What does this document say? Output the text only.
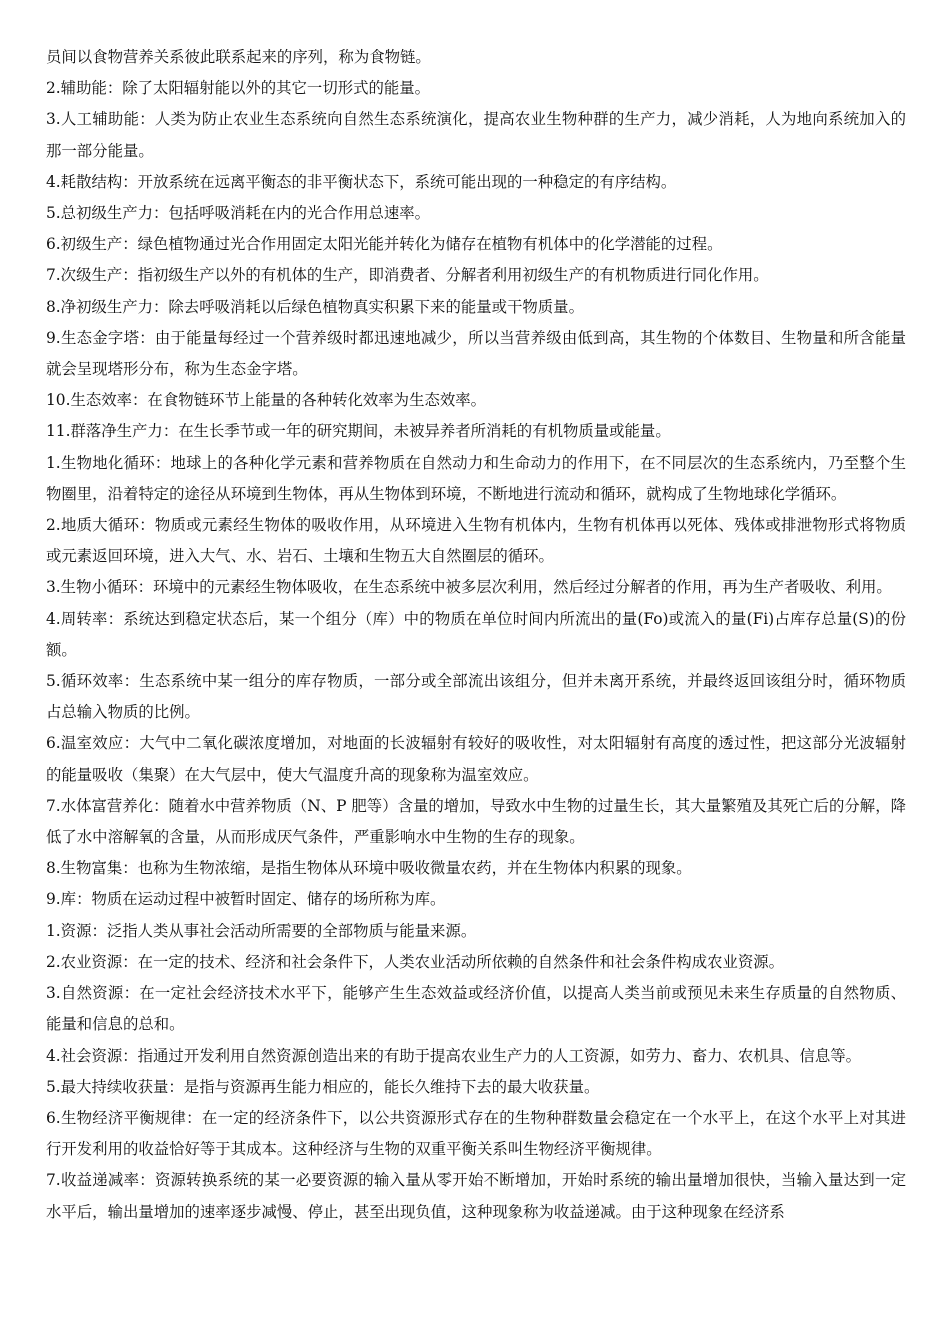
员间以食物营养关系彼此联系起来的序列，称为食物链。

2.辅助能：除了太阳辐射能以外的其它一切形式的能量。

3.人工辅助能：人类为防止农业生态系统向自然生态系统演化，提高农业生物种群的生产力，减少消耗，人为地向系统加入的那一部分能量。

4.耗散结构：开放系统在远离平衡态的非平衡状态下，系统可能出现的一种稳定的有序结构。

5.总初级生产力：包括呼吸消耗在内的光合作用总速率。

6.初级生产：绿色植物通过光合作用固定太阳光能并转化为储存在植物有机体中的化学潜能的过程。

7.次级生产：指初级生产以外的有机体的生产，即消费者、分解者利用初级生产的有机物质进行同化作用。

8.净初级生产力：除去呼吸消耗以后绿色植物真实积累下来的能量或干物质量。

9.生态金字塔：由于能量每经过一个营养级时都迅速地减少，所以当营养级由低到高，其生物的个体数目、生物量和所含能量就会呈现塔形分布，称为生态金字塔。

10.生态效率：在食物链环节上能量的各种转化效率为生态效率。

11.群落净生产力：在生长季节或一年的研究期间，未被异养者所消耗的有机物质量或能量。

1.生物地化循环：地球上的各种化学元素和营养物质在自然动力和生命动力的作用下，在不同层次的生态系统内，乃至整个生物圈里，沿着特定的途径从环境到生物体，再从生物体到环境，不断地进行流动和循环，就构成了生物地球化学循环。

2.地质大循环：物质或元素经生物体的吸收作用，从环境进入生物有机体内，生物有机体再以死体、残体或排泄物形式将物质或元素返回环境，进入大气、水、岩石、土壤和生物五大自然圈层的循环。

3.生物小循环：环境中的元素经生物体吸收，在生态系统中被多层次利用，然后经过分解者的作用，再为生产者吸收、利用。

4.周转率：系统达到稳定状态后，某一个组分（库）中的物质在单位时间内所流出的量(Fo)或流入的量(Fi)占库存总量(S)的份额。

5.循环效率：生态系统中某一组分的库存物质，一部分或全部流出该组分，但并未离开系统，并最终返回该组分时，循环物质占总输入物质的比例。

6.温室效应：大气中二氧化碳浓度增加，对地面的长波辐射有较好的吸收性，对太阳辐射有高度的透过性，把这部分光波辐射的能量吸收（集聚）在大气层中，使大气温度升高的现象称为温室效应。

7.水体富营养化：随着水中营养物质（N、P 肥等）含量的增加，导致水中生物的过量生长，其大量繁殖及其死亡后的分解，降低了水中溶解氧的含量，从而形成厌气条件，严重影响水中生物的生存的现象。

8.生物富集：也称为生物浓缩，是指生物体从环境中吸收微量农药，并在生物体内积累的现象。

9.库：物质在运动过程中被暂时固定、储存的场所称为库。

1.资源：泛指人类从事社会活动所需要的全部物质与能量来源。

2.农业资源：在一定的技术、经济和社会条件下，人类农业活动所依赖的自然条件和社会条件构成农业资源。

3.自然资源：在一定社会经济技术水平下，能够产生生态效益或经济价值，以提高人类当前或预见未来生存质量的自然物质、能量和信息的总和。

4.社会资源：指通过开发利用自然资源创造出来的有助于提高农业生产力的人工资源，如劳力、畜力、农机具、信息等。

5.最大持续收获量：是指与资源再生能力相应的，能长久维持下去的最大收获量。

6.生物经济平衡规律：在一定的经济条件下，以公共资源形式存在的生物种群数量会稳定在一个水平上，在这个水平上对其进行开发利用的收益恰好等于其成本。这种经济与生物的双重平衡关系叫生物经济平衡规律。

7.收益递减率：资源转换系统的某一必要资源的输入量从零开始不断增加，开始时系统的输出量增加很快，当输入量达到一定水平后，输出量增加的速率逐步减慢、停止，甚至出现负值，这种现象称为收益递减。由于这种现象在经济系
